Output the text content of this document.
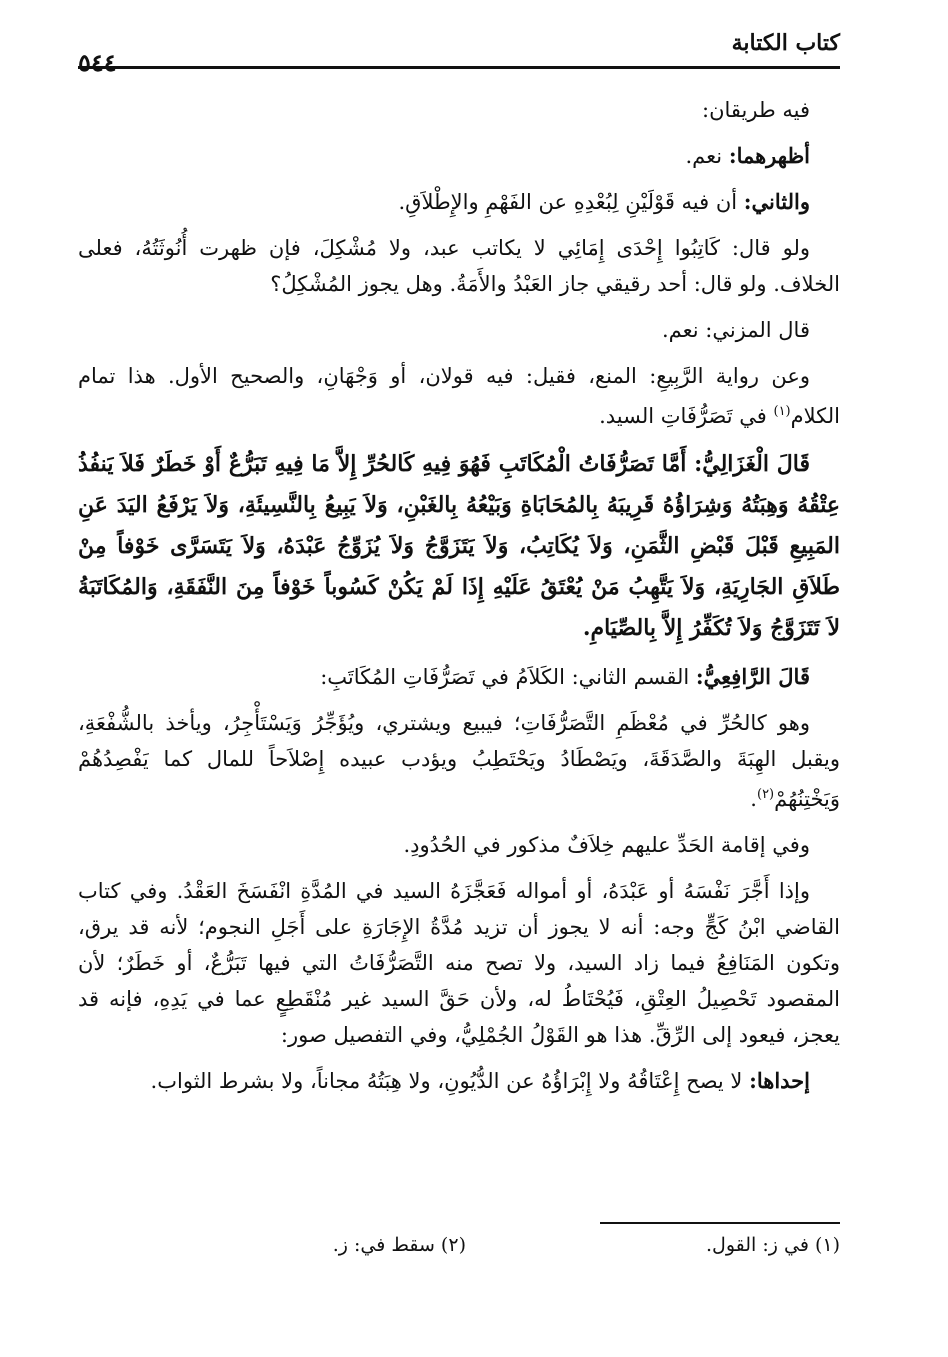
كتاب الكتابة
٥٤٤

فيه طريقان:

أظهرهما: نعم.

والثاني: أن فيه قَوْلَيْنِ لِبُعْدِهِ عن الفَهْمِ والإِطْلاَقِ.

ولو قال: كَاتِبُوا إِحْدَى إِمَائِي لا يكاتب عبد، ولا مُشْكِلَ، فإن ظهرت أُنُوثَتُهُ، فعلى الخلاف. ولو قال: أحد رقيقي جاز العَبْدُ والأَمَةُ. وهل يجوز المُشْكِلُ؟

قال المزني: نعم.

وعن رواية الرَّبِيعِ: المنع، فقيل: فيه قولان، أو وَجْهَانِ، والصحيح الأول. هذا تمام الكلام$^{(١)}$ في تَصَرُّفَاتِ السيد.

قَالَ الْغَزَالِيُّ: أَمَّا تَصَرُّفَاتُ الْمُكَاتَبِ فَهُوَ فِيهِ كَالحُرِّ إِلاَّ مَا فِيهِ تَبَرُّعٌ أَوْ خَطَرٌ فَلاَ يَنفُذُ عِتْقُهُ وَهِبَتُهُ وَشِرَاؤُهُ قَرِيبَهُ بِالمُحَابَاةِ وَبَيْعُهُ بِالغَبْنِ، وَلاَ يَبِيعُ بِالنَّسِيئَةِ، وَلاَ يَرْفَعُ اليَدَ عَنِ المَبِيعِ قَبْلَ قَبْضِ الثَّمَنِ، وَلاَ يُكَاتِبُ، وَلاَ يَتَزَوَّجُ وَلاَ يُزَوِّجُ عَبْدَهُ، وَلاَ يَتَسَرَّى خَوْفاً مِنْ طَلاَقِ الجَارِيَةِ، وَلاَ يَتَّهِبُ مَنْ يُعْتَقُ عَلَيْهِ إِذَا لَمْ يَكُنْ كَسُوباً خَوْفاً مِنَ النَّفَقَةِ، وَالمُكَاتَبَةُ لاَ تَتَزَوَّجُ وَلاَ تُكَفِّرُ إِلاَّ بِالصِّيَامِ.

قَالَ الرَّافِعِيُّ: القسم الثاني: الكَلاَمُ في تَصَرُّفَاتِ المُكَاتَبِ:

وهو كالحُرِّ في مُعْظَمِ التَّصَرُّفَاتِ؛ فيبيع ويشتري، ويُؤَجِّرُ وَيَسْتَأْجِرُ، ويأخذ بالشُّفْعَةِ، ويقبل الهِبَةَ والصَّدَقَةَ، ويَصْطَادُ ويَحْتَطِبُ ويؤدب عبيده إِصْلاَحاً للمال كما يَفْصِدُهُمْ وَيَخْتِنُهُمْ$^{(٢)}$.

وفي إقامة الحَدِّ عليهم خِلاَفٌ مذكور في الحُدُودِ.

وإذا أَجَّرَ نَفْسَهُ أو عَبْدَهُ، أو أمواله فَعَجَّزَهُ السيد في المُدَّةِ انْفَسَخَ العَقْدُ. وفي كتاب القاضي ابْنُ كَجٍّ وجه: أنه لا يجوز أن تزيد مُدَّةُ الإِجَارَةِ على أَجَلِ النجوم؛ لأنه قد يرق، وتكون المَنَافِعُ فيما زاد السيد، ولا تصح منه التَّصَرُّفَاتُ التي فيها تَبَرُّعٌ، أو خَطَرٌ؛ لأن المقصود تَحْصِيلُ العِتْقِ، فَيُحْتَاطُ له، ولأن حَقَّ السيد غير مُنْقَطِعٍ عما في يَدِهِ، فإنه قد يعجز، فيعود إلى الرِّقِّ. هذا هو القَوْلُ الجُمْلِيُّ، وفي التفصيل صور:

إحداها: لا يصح إِعْتَاقُهُ ولا إِبْرَاؤُهُ عن الدُّيُونِ، ولا هِبَتُهُ مجاناً، ولا بشرط الثواب.

(١) في ز: القول.
(٢) سقط في: ز.
